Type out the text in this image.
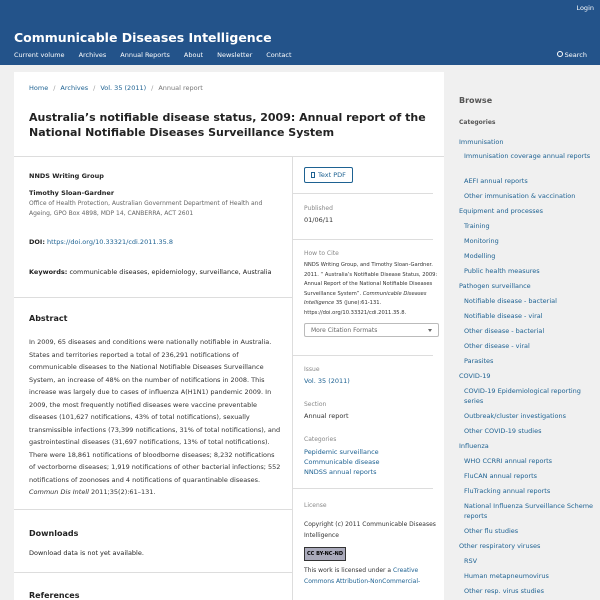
Login
Communicable Diseases Intelligence
Current volume Archives Annual Reports About Newsletter Contact	Search
Home / Archives / Vol. 35 (2011) / Annual report
Australia’s notifiable disease status, 2009: Annual report of the National Notifiable Diseases Surveillance System
NNDS Writing Group
Timothy Sloan-Gardner
Office of Health Protection, Australian Government Department of Health and Ageing, GPO Box 4898, MDP 14, CANBERRA, ACT 2601
DOI: https://doi.org/10.33321/cdi.2011.35.8
Keywords: communicable diseases, epidemiology, surveillance, Australia
Abstract
In 2009, 65 diseases and conditions were nationally notifiable in Australia. States and territories reported a total of 236,291 notifications of communicable diseases to the National Notifiable Diseases Surveillance System, an increase of 48% on the number of notifications in 2008. This increase was largely due to cases of influenza A(H1N1) pandemic 2009. In 2009, the most frequently notified diseases were vaccine preventable diseases (101,627 notifications, 43% of total notifications), sexually transmissible infections (73,399 notifications, 31% of total notifications), and gastrointestinal diseases (31,697 notifications, 13% of total notifications). There were 18,861 notifications of bloodborne diseases; 8,232 notifications of vectorborne diseases; 1,919 notifications of other bacterial infections; 552 notifications of zoonoses and 4 notifications of quarantinable diseases. Commun Dis Intell 2011;35(2):61–131.
Downloads
Download data is not yet available.
References
Text PDF
Published
01/06/11
How to Cite
NNDS Writing Group, and Timothy Sloan-Gardner. 2011. “ Australia’s Notifiable Disease Status, 2009: Annual Report of the National Notifiable Diseases Surveillance System”. Communicable Diseases Intelligence 35 (June):61-131. https://doi.org/10.33321/cdi.2011.35.8.
More Citation Formats
Issue
Vol. 35 (2011)
Section
Annual report
Categories
Pepidemic surveillance
Communicable disease
NNDSS annual reports
License
Copyright (c) 2011 Communicable Diseases Intelligence
CC BY-NC-ND
This work is licensed under a Creative Commons Attribution-NonCommercial-
Browse
Categories
Immunisation
Immunisation coverage annual reports
AEFI annual reports
Other immunisation & vaccination
Equipment and processes
Training
Monitoring
Modelling
Public health measures
Pathogen surveillance
Notifiable disease - bacterial
Notifiable disease - viral
Other disease - bacterial
Other disease - viral
Parasites
COVID-19
COVID-19 Epidemiological reporting series
Outbreak/cluster investigations
Other COVID-19 studies
Influenza
WHO CCRRI annual reports
FluCAN annual reports
FluTracking annual reports
National Influenza Surveillance Scheme reports
Other flu studies
Other respiratory viruses
RSV
Human metapneumovirus
Other resp. virus studies
